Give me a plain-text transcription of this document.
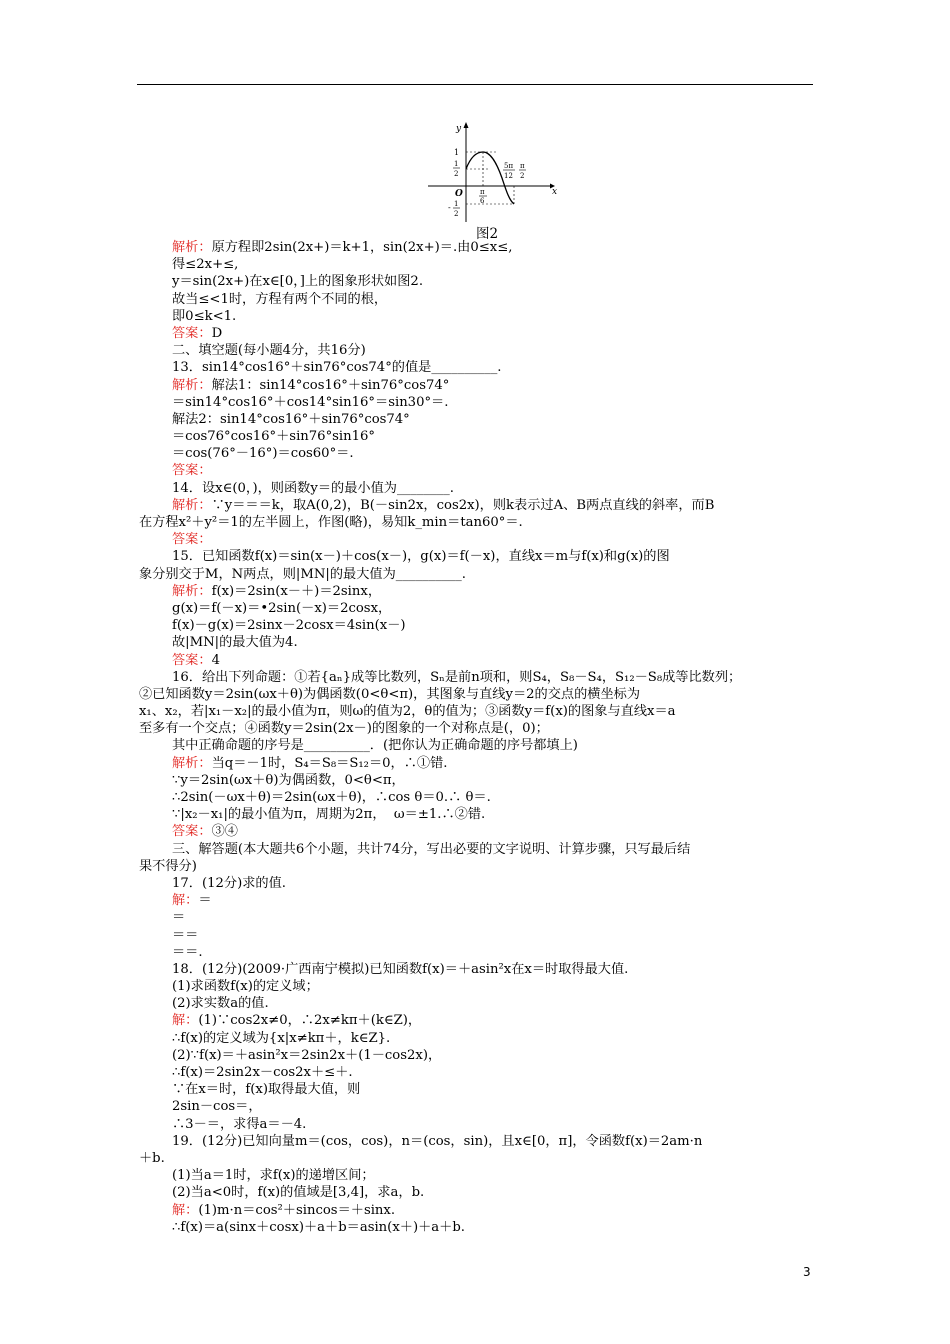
y
x
1
1
2
O π
6
5π
12
π
2
- 1
2
图2
解析：原方程即2sin(2x+)＝k+1，sin(2x+)＝.由0≤x≤,
得≤2x+≤,
y＝sin(2x+)在x∈[0，]上的图象形状如图2.
故当≤<1时，方程有两个不同的根，
即0≤k<1.
答案：D
二、填空题(每小题4分，共16分)
13．sin14°cos16°＋sin76°cos74°的值是__________.
解析：解法1：sin14°cos16°＋sin76°cos74°
＝sin14°cos16°＋cos14°sin16°＝sin30°＝.
解法2：sin14°cos16°＋sin76°cos74°
＝cos76°cos16°＋sin76°sin16°
＝cos(76°－16°)＝cos60°＝.
答案：
14．设x∈(0，)，则函数y＝的最小值为________.
解析：∵y＝＝＝k，取A(0,2)，B(－sin2x，cos2x)，则k表示过A、B两点直线的斜率，而B
在方程x²＋y²＝1的左半圆上，作图(略)，易知k_min＝tan60°＝.
答案：
15．已知函数f(x)＝sin(x－)＋cos(x－)，g(x)＝f(－x)，直线x＝m与f(x)和g(x)的图
象分别交于M，N两点，则|MN|的最大值为__________.
解析：f(x)＝2sin(x－＋)＝2sinx，
g(x)＝f(－x)＝•2sin(－x)＝2cosx，
f(x)－g(x)＝2sinx－2cosx＝4sin(x－)
故|MN|的最大值为4.
答案：4
16．给出下列命题：①若{aₙ}成等比数列，Sₙ是前n项和，则S₄，S₈－S₄，S₁₂－S₈成等比数列；
②已知函数y＝2sin(ωx＋θ)为偶函数(0<θ<π)，其图象与直线y＝2的交点的横坐标为
x₁、x₂，若|x₁－x₂|的最小值为π，则ω的值为2，θ的值为；③函数y＝f(x)的图象与直线x＝a
至多有一个交点；④函数y＝2sin(2x－)的图象的一个对称点是(，0)；
其中正确命题的序号是__________．(把你认为正确命题的序号都填上)
解析：当q＝－1时，S₄＝S₈＝S₁₂＝0，∴①错.
∵y＝2sin(ωx＋θ)为偶函数，0<θ<π，
∴2sin(－ωx＋θ)＝2sin(ωx＋θ)，∴cos θ＝0.∴ θ＝.
∵|x₂－x₁|的最小值为π，周期为2π，  ω＝±1.∴②错.
答案：③④
三、解答题(本大题共6个小题，共计74分，写出必要的文字说明、计算步骤，只写最后结
果不得分)
17．(12分)求的值.
解：＝
＝
＝＝
＝＝.
18．(12分)(2009·广西南宁模拟)已知函数f(x)＝＋asin²x在x＝时取得最大值.
(1)求函数f(x)的定义域；
(2)求实数a的值.
解：(1)∵cos2x≠0，∴2x≠kπ＋(k∈Z)，
∴f(x)的定义域为{x|x≠kπ＋，k∈Z}.
(2)∵f(x)＝＋asin²x＝2sin2x＋(1－cos2x)，
∴f(x)＝2sin2x－cos2x＋≤＋.
∵在x＝时，f(x)取得最大值，则
2sin－cos＝，
∴3－＝，求得a＝－4.
19．(12分)已知向量m＝(cos，cos)，n＝(cos，sin)，且x∈[0，π]，令函数f(x)＝2am·n
＋b.
(1)当a＝1时，求f(x)的递增区间；
(2)当a<0时，f(x)的值域是[3,4]，求a，b.
解：(1)m·n＝cos²＋sincos＝＋sinx.
∴f(x)＝a(sinx＋cosx)＋a＋b＝asin(x＋)＋a＋b.
3
